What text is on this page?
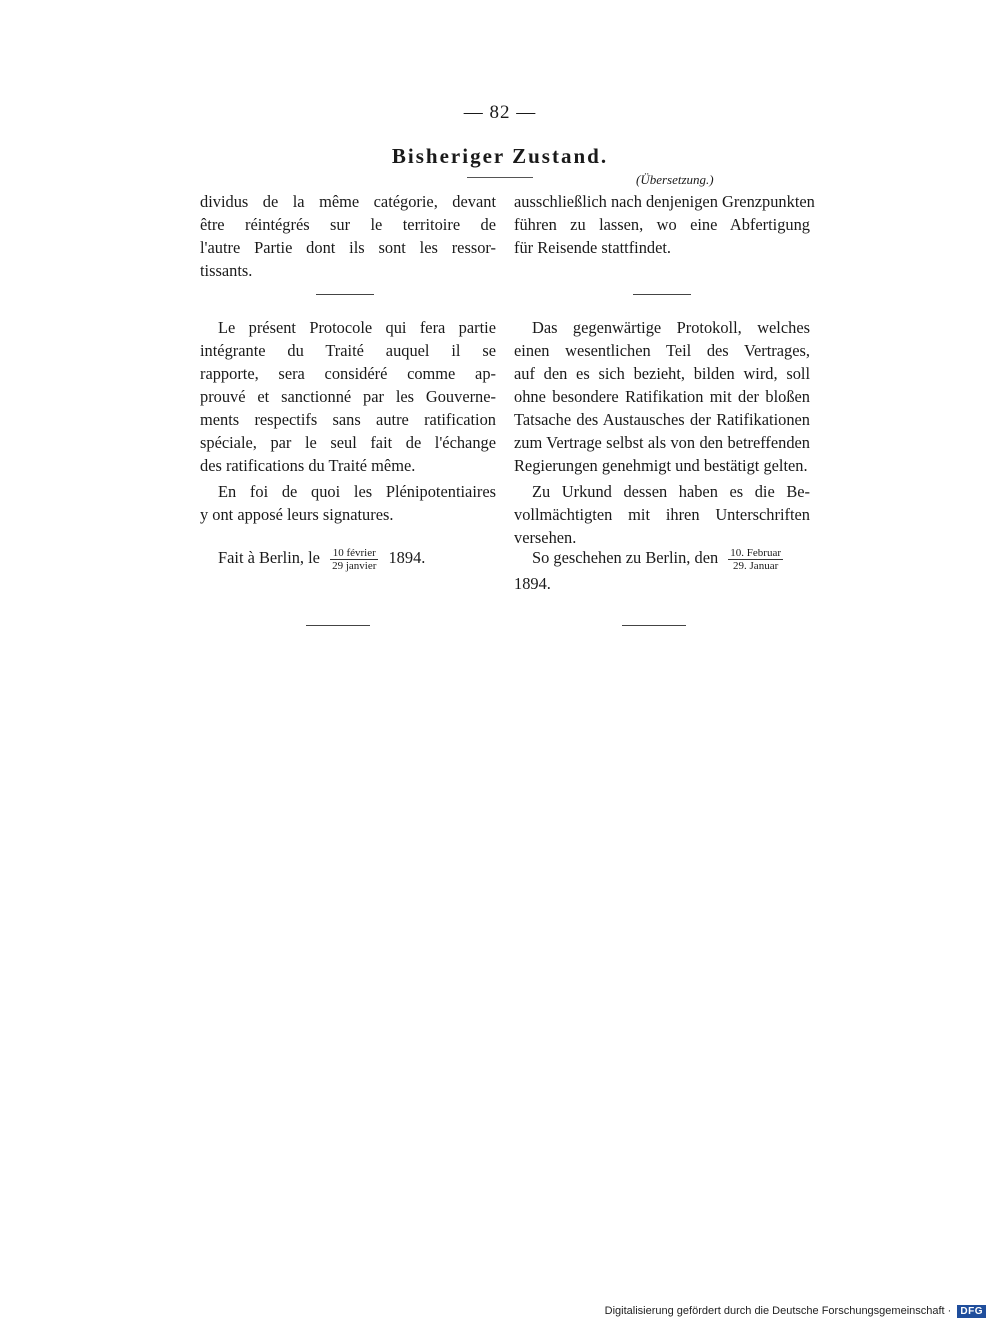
— 82 —
Bisheriger Zustand.
(Übersetzung.)
dividus de la même catégorie, devant
être réintégrés sur le territoire de
l'autre Partie dont ils sont les ressor-
tissants.
Le présent Protocole qui fera partie
intégrante du Traité auquel il se
rapporte, sera considéré comme ap-
prouvé et sanctionné par les Gouverne-
ments respectifs sans autre ratification
spéciale, par le seul fait de l'échange
des ratifications du Traité même.
En foi de quoi les Plénipotentiaires
y ont apposé leurs signatures.
Fait à Berlin, le $\frac{\text{10 février}}{\text{29 janvier}} 1894$.
ausschließlich nach denjenigen Grenzpunkten
führen zu lassen, wo eine Abfertigung
für Reisende stattfindet.
Das gegenwärtige Protokoll, welches
einen wesentlichen Teil des Vertrages,
auf den es sich bezieht, bilden wird, soll
ohne besondere Ratifikation mit der bloßen
Tatsache des Austausches der Ratifikationen
zum Vertrage selbst als von den betreffenden
Regierungen genehmigt und bestätigt gelten.
Zu Urkund dessen haben es die Be-
vollmächtigten mit ihren Unterschriften
versehen.
So geschehen zu Berlin, den $\frac{\text{10. Februar}}{\text{29. Januar}}$
1894.
Digitalisierung gefördert durch die Deutsche Forschungsgemeinschaft · DFG
